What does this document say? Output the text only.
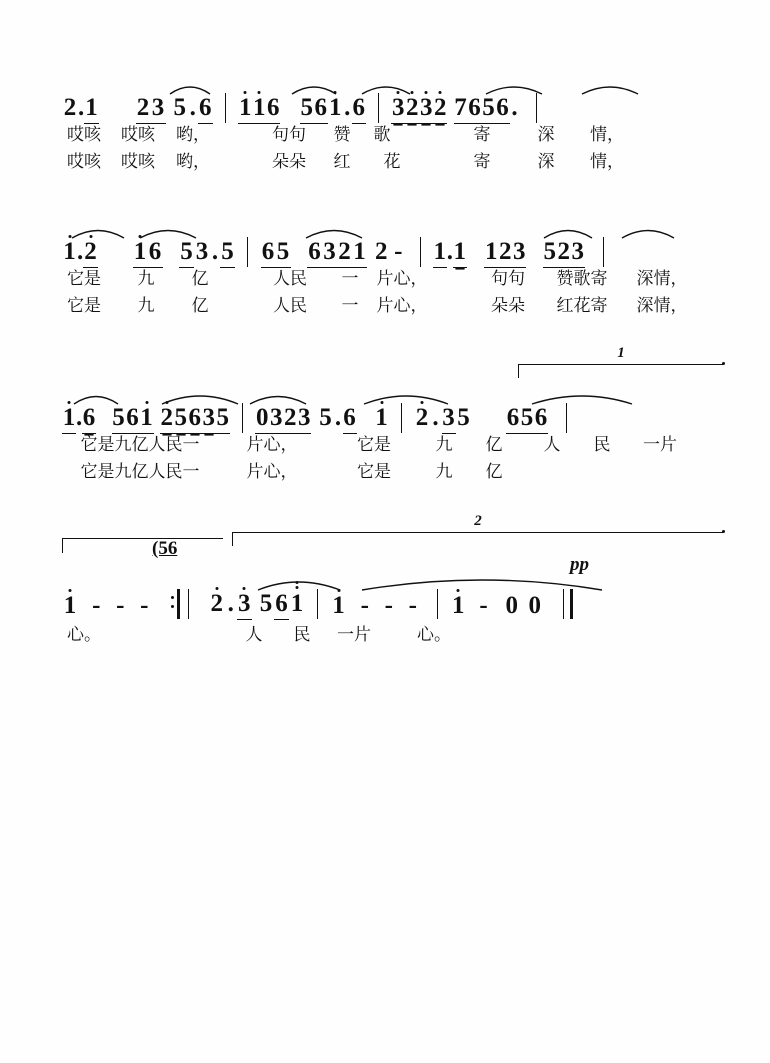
2.1 2 3 5 . 6 116 561 .6 3232 7656 .
哎咳 哎咳 哟，	句句 赞 歌	寄	深 情，
哎咳 哎咳 哟，	朵朵 红 花	寄	深 情，
1.2 1 6 5 3 . 5 6 5 6 3 2 1 2 - 1.1 123 523
它是 九 亿	人民 一 片心，	句句 赞歌寄 深情，
它是 九 亿	人民 一 片心，	朵朵 红花寄 深情，
1
1.6 561 25635 0323 5 .6 1 2 . 3 5 656
它是九亿人民一	片心，	它是	九 亿 人 民 一片
它是九亿人民一	片心，	它是	九 亿
2
(56
pp
1 - - - 2 . 3 5 6 1 1 - - - 1 - 0 0
心。	人 民 一片	心。
